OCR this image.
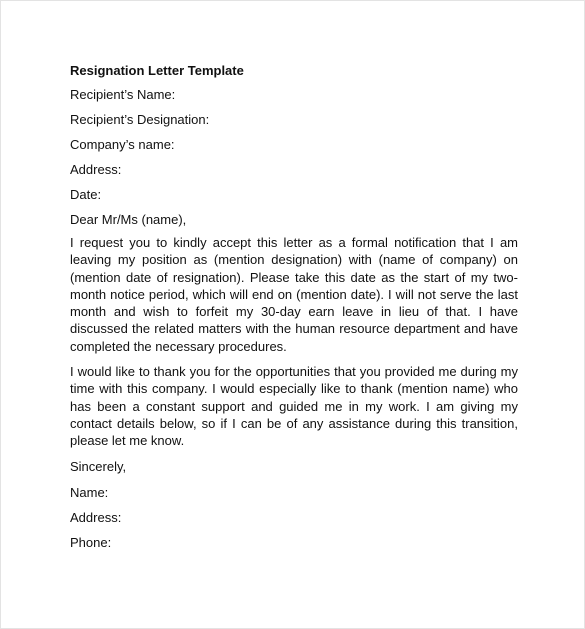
Resignation Letter Template
Recipient’s Name:
Recipient’s Designation:
Company’s name:
Address:
Date:
Dear Mr/Ms (name),
I request you to kindly accept this letter as a formal notification that I am leaving my position as (mention designation) with (name of company) on (mention date of resignation). Please take this date as the start of my two-month notice period, which will end on (mention date). I will not serve the last month and wish to forfeit my 30-day earn leave in lieu of that. I have discussed the related matters with the human resource department and have completed the necessary procedures.
I would like to thank you for the opportunities that you provided me during my time with this company. I would especially like to thank (mention name) who has been a constant support and guided me in my work. I am giving my contact details below, so if I can be of any assistance during this transition, please let me know.
Sincerely,
Name:
Address:
Phone:
